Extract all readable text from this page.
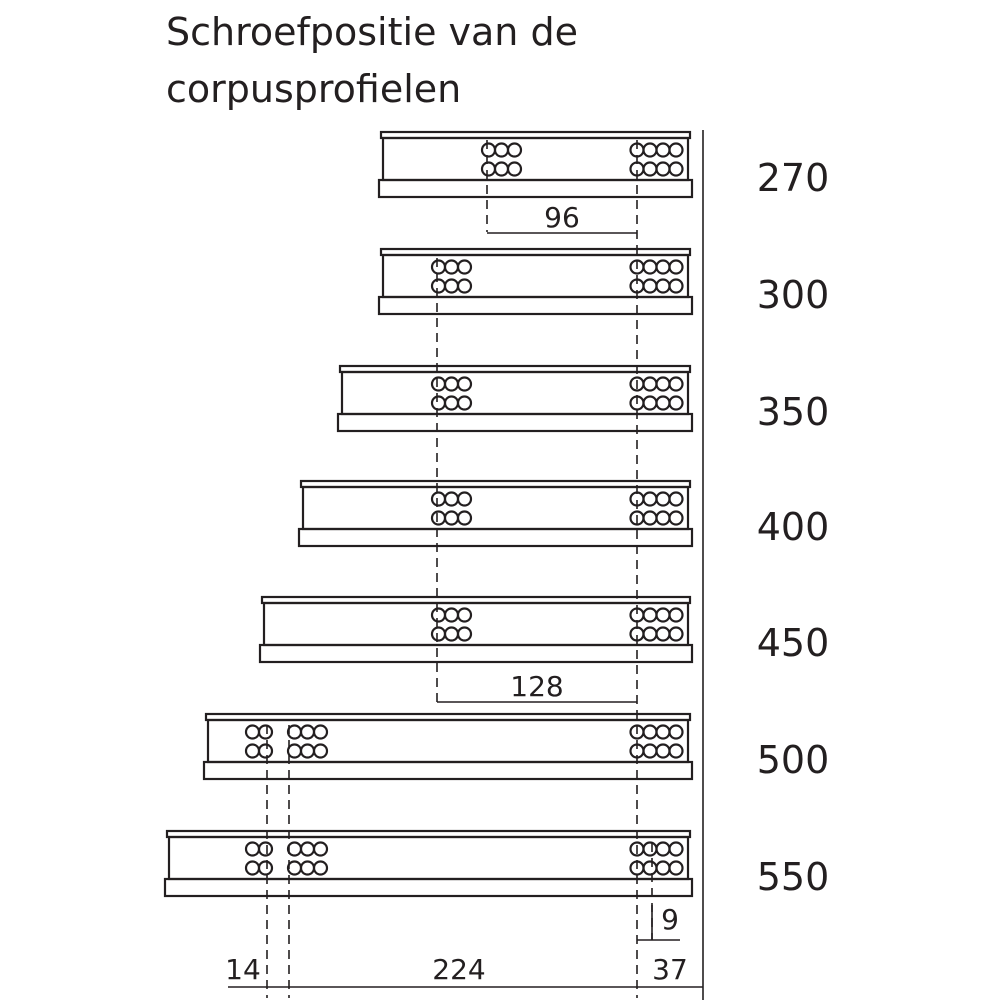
Schroefpositie van de
corpusprofielen
96
128
9
14	224	37
270
300
350
400
450
500
550
